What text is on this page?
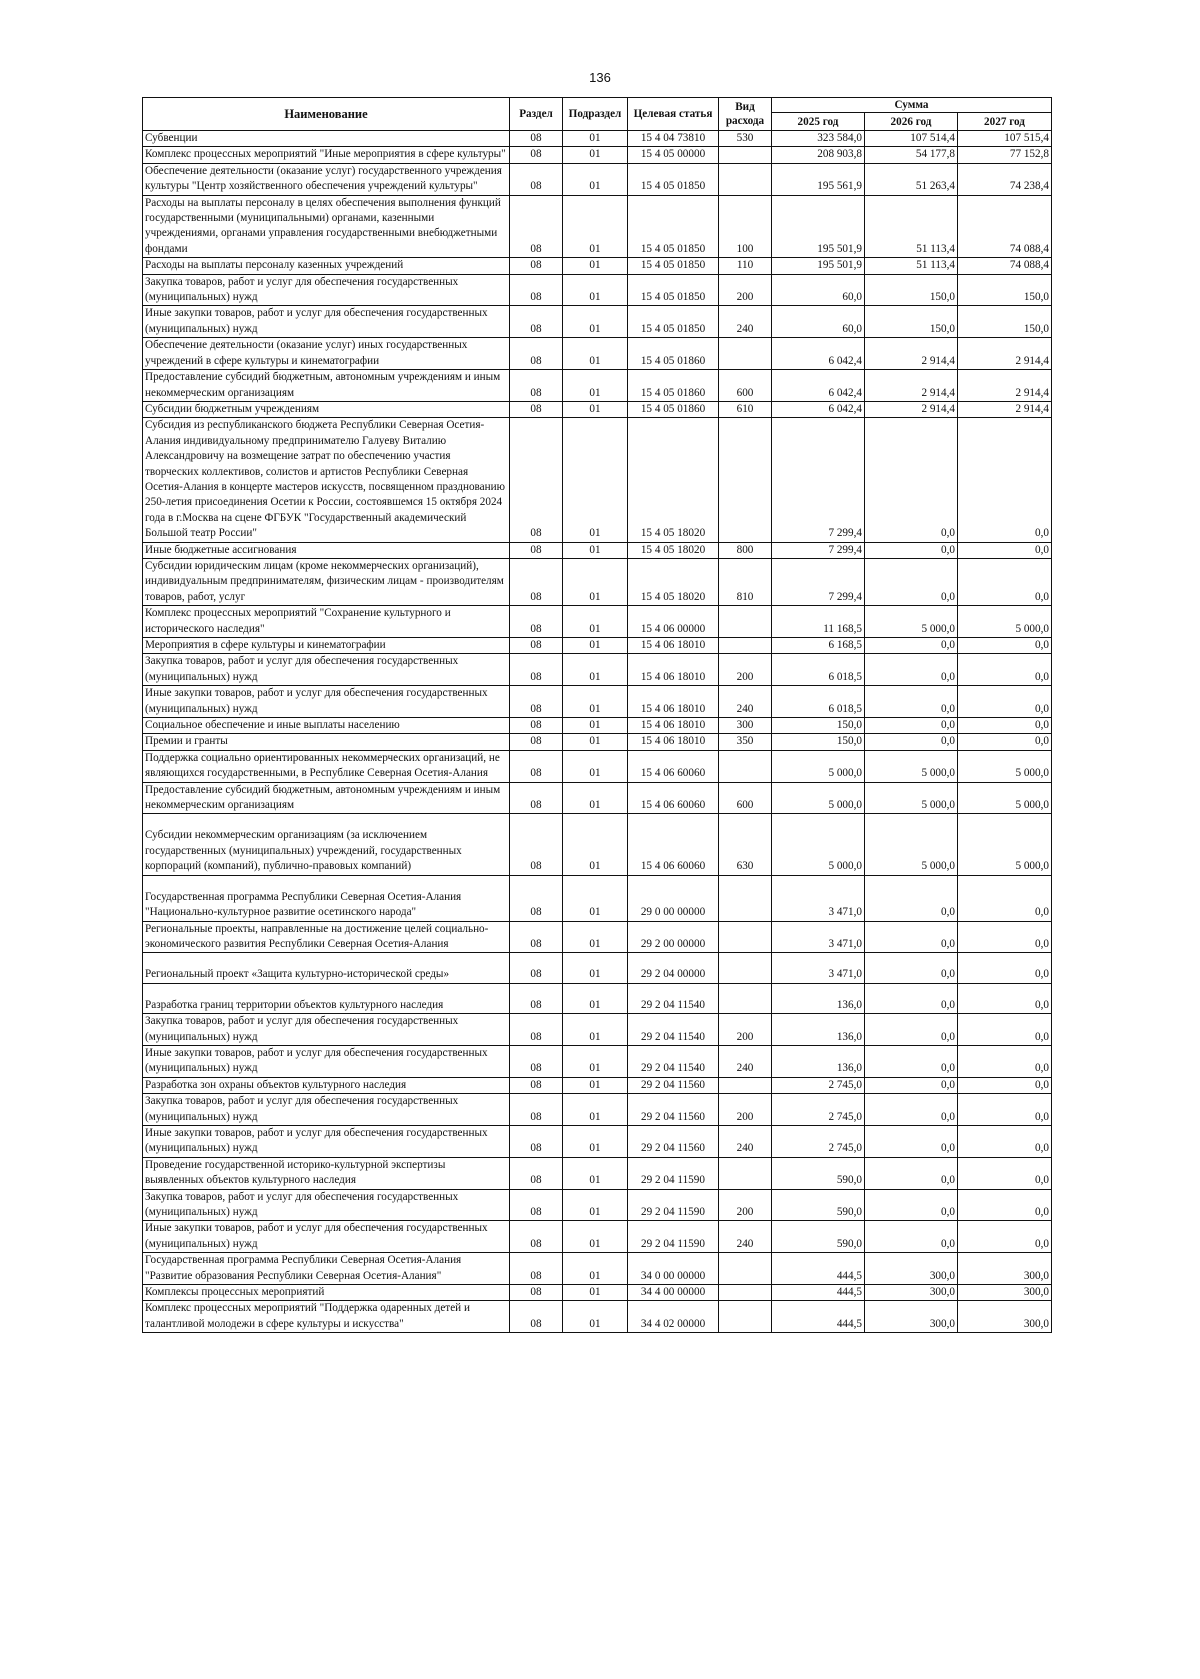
136
Наименование	Раздел	Подраздел	Целевая статья	Вид расхода	Сумма		
					2025 год	2026 год	2027 год
Субвенции	08	01	15 4 04 73810	530	323 584,0	107 514,4	107 515,4
Комплекс процессных мероприятий "Иные мероприятия в сфере культуры"	08	01	15 4 05 00000		208 903,8	54 177,8	77 152,8
Обеспечение деятельности (оказание услуг) государственного учреждения культуры "Центр хозяйственного обеспечения учреждений культуры"	08	01	15 4 05 01850		195 561,9	51 263,4	74 238,4
Расходы на выплаты персоналу в целях обеспечения выполнения функций государственными (муниципальными) органами, казенными учреждениями, органами управления государственными внебюджетными фондами	08	01	15 4 05 01850	100	195 501,9	51 113,4	74 088,4
Расходы на выплаты персоналу казенных учреждений	08	01	15 4 05 01850	110	195 501,9	51 113,4	74 088,4
Закупка товаров, работ и услуг для обеспечения государственных (муниципальных) нужд	08	01	15 4 05 01850	200	60,0	150,0	150,0
Иные закупки товаров, работ и услуг для обеспечения государственных (муниципальных) нужд	08	01	15 4 05 01850	240	60,0	150,0	150,0
Обеспечение деятельности (оказание услуг) иных государственных учреждений в сфере культуры и кинематографии	08	01	15 4 05 01860		6 042,4	2 914,4	2 914,4
Предоставление субсидий бюджетным, автономным учреждениям и иным некоммерческим организациям	08	01	15 4 05 01860	600	6 042,4	2 914,4	2 914,4
Субсидии бюджетным учреждениям	08	01	15 4 05 01860	610	6 042,4	2 914,4	2 914,4
Субсидия из республиканского бюджета Республики Северная Осетия-Алания индивидуальному предпринимателю Галуеву Виталию Александровичу на возмещение затрат по обеспечению участия творческих коллективов, солистов и артистов Республики Северная Осетия-Алания в концерте мастеров искусств, посвященном празднованию 250-летия присоединения Осетии к России, состоявшемся 15 октября 2024 года в г.Москва на сцене ФГБУК "Государственный академический Большой театр России"	08	01	15 4 05 18020		7 299,4	0,0	0,0
Иные бюджетные ассигнования	08	01	15 4 05 18020	800	7 299,4	0,0	0,0
Субсидии юридическим лицам (кроме некоммерческих организаций), индивидуальным предпринимателям, физическим лицам - производителям товаров, работ, услуг	08	01	15 4 05 18020	810	7 299,4	0,0	0,0
Комплекс процессных мероприятий "Сохранение культурного и исторического наследия"	08	01	15 4 06 00000		11 168,5	5 000,0	5 000,0
Мероприятия в сфере культуры и кинематографии	08	01	15 4 06 18010		6 168,5	0,0	0,0
Закупка товаров, работ и услуг для обеспечения государственных (муниципальных) нужд	08	01	15 4 06 18010	200	6 018,5	0,0	0,0
Иные закупки товаров, работ и услуг для обеспечения государственных (муниципальных) нужд	08	01	15 4 06 18010	240	6 018,5	0,0	0,0
Социальное обеспечение и иные выплаты населению	08	01	15 4 06 18010	300	150,0	0,0	0,0
Премии и гранты	08	01	15 4 06 18010	350	150,0	0,0	0,0
Поддержка социально ориентированных некоммерческих организаций, не являющихся государственными, в Республике Северная Осетия-Алания	08	01	15 4 06 60060		5 000,0	5 000,0	5 000,0
Предоставление субсидий бюджетным, автономным учреждениям и иным некоммерческим организациям	08	01	15 4 06 60060	600	5 000,0	5 000,0	5 000,0
Субсидии некоммерческим организациям (за исключением государственных (муниципальных) учреждений, государственных корпораций (компаний), публично-правовых компаний)	08	01	15 4 06 60060	630	5 000,0	5 000,0	5 000,0
Государственная программа Республики Северная Осетия-Алания "Национально-культурное развитие осетинского народа"	08	01	29 0 00 00000		3 471,0	0,0	0,0
Региональные проекты, направленные на достижение целей социально-экономического развития Республики Северная Осетия-Алания	08	01	29 2 00 00000		3 471,0	0,0	0,0
Региональный проект «Защита культурно-исторической среды»	08	01	29 2 04 00000		3 471,0	0,0	0,0
Разработка границ территории объектов культурного наследия	08	01	29 2 04 11540		136,0	0,0	0,0
Закупка товаров, работ и услуг для обеспечения государственных (муниципальных) нужд	08	01	29 2 04 11540	200	136,0	0,0	0,0
Иные закупки товаров, работ и услуг для обеспечения государственных (муниципальных) нужд	08	01	29 2 04 11540	240	136,0	0,0	0,0
Разработка зон охраны объектов культурного наследия	08	01	29 2 04 11560		2 745,0	0,0	0,0
Закупка товаров, работ и услуг для обеспечения государственных (муниципальных) нужд	08	01	29 2 04 11560	200	2 745,0	0,0	0,0
Иные закупки товаров, работ и услуг для обеспечения государственных (муниципальных) нужд	08	01	29 2 04 11560	240	2 745,0	0,0	0,0
Проведение государственной историко-культурной экспертизы выявленных объектов культурного наследия	08	01	29 2 04 11590		590,0	0,0	0,0
Закупка товаров, работ и услуг для обеспечения государственных (муниципальных) нужд	08	01	29 2 04 11590	200	590,0	0,0	0,0
Иные закупки товаров, работ и услуг для обеспечения государственных (муниципальных) нужд	08	01	29 2 04 11590	240	590,0	0,0	0,0
Государственная программа Республики Северная Осетия-Алания "Развитие образования Республики Северная Осетия-Алания"	08	01	34 0 00 00000		444,5	300,0	300,0
Комплексы процессных мероприятий	08	01	34 4 00 00000		444,5	300,0	300,0
Комплекс процессных мероприятий "Поддержка одаренных детей и талантливой молодежи в сфере культуры и искусства"	08	01	34 4 02 00000		444,5	300,0	300,0
